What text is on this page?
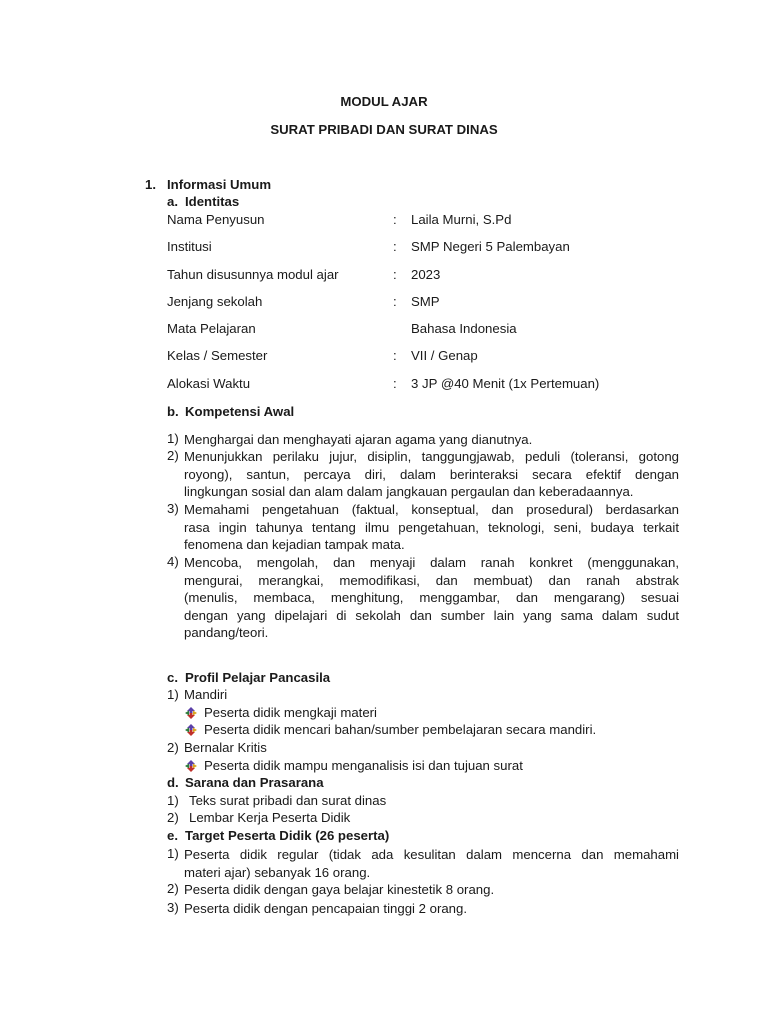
MODUL AJAR
SURAT PRIBADI DAN SURAT DINAS
1. Informasi Umum
a. Identitas
Nama Penyusun	: Laila Murni, S.Pd
Institusi	: SMP Negeri 5 Palembayan
Tahun disusunnya modul ajar	: 2023
Jenjang sekolah	: SMP
Mata Pelajaran	Bahasa Indonesia
Kelas / Semester	: VII / Genap
Alokasi Waktu	: 3 JP @40 Menit (1x Pertemuan)
b. Kompetensi Awal
1) Menghargai dan menghayati ajaran agama yang dianutnya.
2) Menunjukkan perilaku jujur, disiplin, tanggungjawab, peduli (toleransi, gotong
royong), santun, percaya diri, dalam berinteraksi secara efektif dengan
lingkungan sosial dan alam dalam jangkauan pergaulan dan keberadaannya.
3) Memahami pengetahuan (faktual, konseptual, dan prosedural) berdasarkan
rasa ingin tahunya tentang ilmu pengetahuan, teknologi, seni, budaya terkait
fenomena dan kejadian tampak mata.
4) Mencoba, mengolah, dan menyaji dalam ranah konkret (menggunakan,
mengurai, merangkai, memodifikasi, dan membuat) dan ranah abstrak
(menulis, membaca, menghitung, menggambar, dan mengarang) sesuai
dengan yang dipelajari di sekolah dan sumber lain yang sama dalam sudut
pandang/teori.
c. Profil Pelajar Pancasila
1) Mandiri
Peserta didik mengkaji materi
Peserta didik mencari bahan/sumber pembelajaran secara mandiri.
2) Bernalar Kritis
Peserta didik mampu menganalisis isi dan tujuan surat
d. Sarana dan Prasarana
1) Teks surat pribadi dan surat dinas
2) Lembar Kerja Peserta Didik
e. Target Peserta Didik (26 peserta)
1) Peserta didik regular (tidak ada kesulitan dalam mencerna dan memahami
materi ajar) sebanyak 16 orang.
2) Peserta didik dengan gaya belajar kinestetik 8 orang.
3) Peserta didik dengan pencapaian tinggi 2 orang.
